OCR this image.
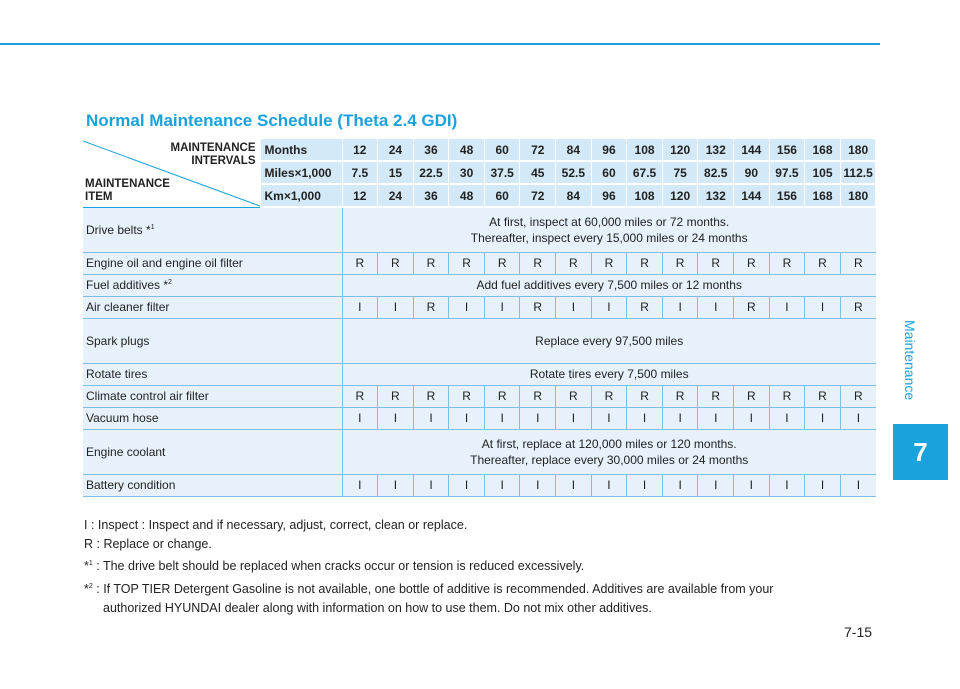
Maintenance
7
Normal Maintenance Schedule (Theta 2.4 GDI)
MAINTENANCE
INTERVALS
MAINTENANCE
ITEM	Months	12	24	36	48	60	72	84	96	108	120	132	144	156	168	180
	Miles×1,000	7.5	15	22.5	30	37.5	45	52.5	60	67.5	75	82.5	90	97.5	105	112.5
	Km×1,000	12	24	36	48	60	72	84	96	108	120	132	144	156	168	180
Drive belts *$^1$		At first, inspect at 60,000 miles or 72 months.
Thereafter, inspect every 15,000 miles or 24 months														

Engine oil and engine oil filter		R	R	R	R	R	R	R	R	R	R	R	R	R	R	R
Fuel additives *$^2$		Add fuel additives every 7,500 miles or 12 months														

Air cleaner filter		I	I	R	I	I	R	I	I	R	I	I	R	I	I	R
Spark plugs		Replace every 97,500 miles														

Rotate tires		Rotate tires every 7,500 miles														

Climate control air filter		R	R	R	R	R	R	R	R	R	R	R	R	R	R	R
Vacuum hose		I	I	I	I	I	I	I	I	I	I	I	I	I	I	I
Engine coolant		At first, replace at 120,000 miles or 120 months.
Thereafter, replace every 30,000 miles or 24 months														

Battery condition		I	I	I	I	I	I	I	I	I	I	I	I	I	I	I

I : Inspect : Inspect and if necessary, adjust, correct, clean or replace.

R : Replace or change.

*$^1$ : The drive belt should be replaced when cracks occur or tension is reduced excessively.

*$^2$ : If TOP TIER Detergent Gasoline is not available, one bottle of additive is recommended. Additives are available from your

authorized HYUNDAI dealer along with information on how to use them. Do not mix other additives.

7-15
